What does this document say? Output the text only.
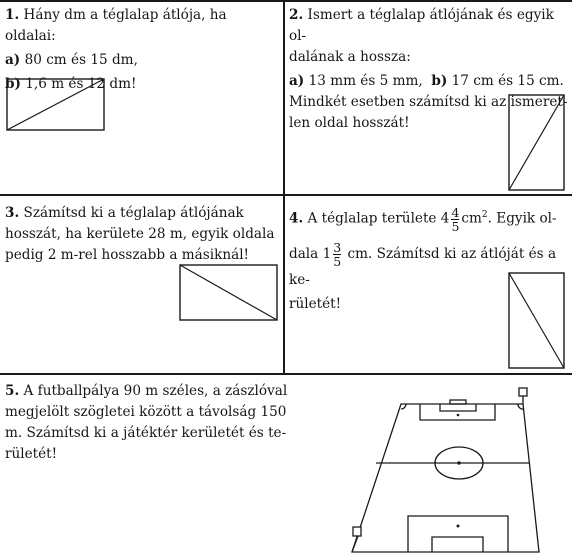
1. Hány dm a téglalap átlója, ha oldalai:

a) 80 cm és 15 dm,

b) 1,6 m és 12 dm!

2. Ismert a téglalap átlójának és egyik ol-

dalának a hossza:

a) 13 mm és 5 mm, b) 17 cm és 15 cm.

Mindkét esetben számítsd ki az ismeret-

len oldal hosszát!

3. Számítsd ki a téglalap átlójának

hosszát, ha kerülete 28 m, egyik oldala

pedig 2 m-rel hosszabb a másiknál!

4. A téglalap területe $4 \frac{4}{5} cm^2$. Egyik ol-

dala $1 \frac{3}{5}$ cm. Számítsd ki az átlóját és a ke-

rületét!

5. A futballpálya 90 m széles, a zászlóval

megjelölt szögletei között a távolság 150

m. Számítsd ki a játéktér kerületét és te-

rületét!
